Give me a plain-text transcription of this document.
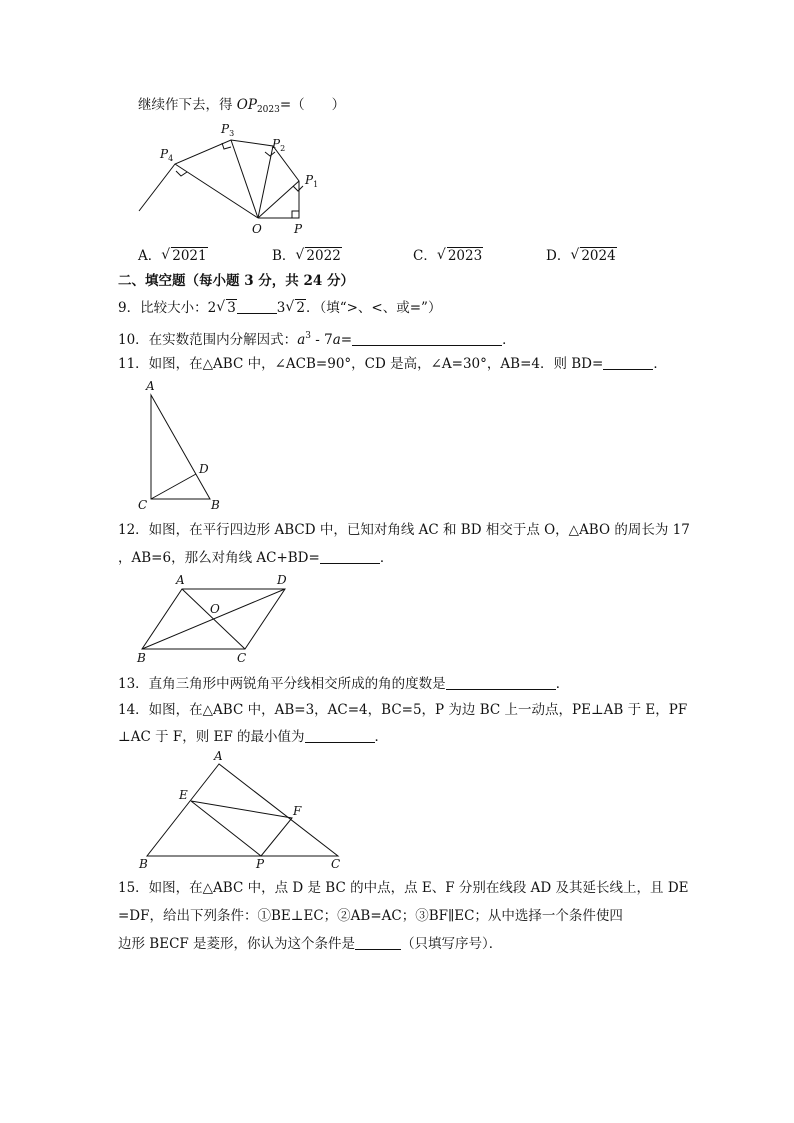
继续作下去，得 $OP_{2023}=$（　　）
$P_4$
$P_3$
$P_2$
$P_1$
O	P
A． √ 2021	B． √ 2022	C． √ 2023	D． √ 2024
二、填空题（每小题 3 分，共 24 分）
9．比较大小：2 √ 3	3 √ 2．（填“>、<、或=”）
10．在实数范围内分解因式：$a^3 - 7a=$	．
11．如图，在△ABC 中，∠ACB=90°，CD 是高，∠A=30°，AB=4．则 BD=	．
A
D
C	B
12．如图，在平行四边形 ABCD 中，已知对角线 AC 和 BD 相交于点 O，△ABO 的周长为 17
，AB=6，那么对角线 AC+BD=	．
A	D
O
B	C
13．直角三角形中两锐角平分线相交所成的角的度数是	．
14．如图，在△ABC 中，AB=3，AC=4，BC=5，P 为边 BC 上一动点，PE⊥AB 于 E，PF
⊥AC 于 F，则 EF 的最小值为	．
A
E
F
B	P	C
15．如图，在△ABC 中，点 D 是 BC 的中点，点 E、F 分别在线段 AD 及其延长线上，且 DE
=DF，给出下列条件：①BE⊥EC；②AB=AC；③BF∥EC；从中选择一个条件使四
边形 BECF 是菱形，你认为这个条件是	（只填写序号）．
